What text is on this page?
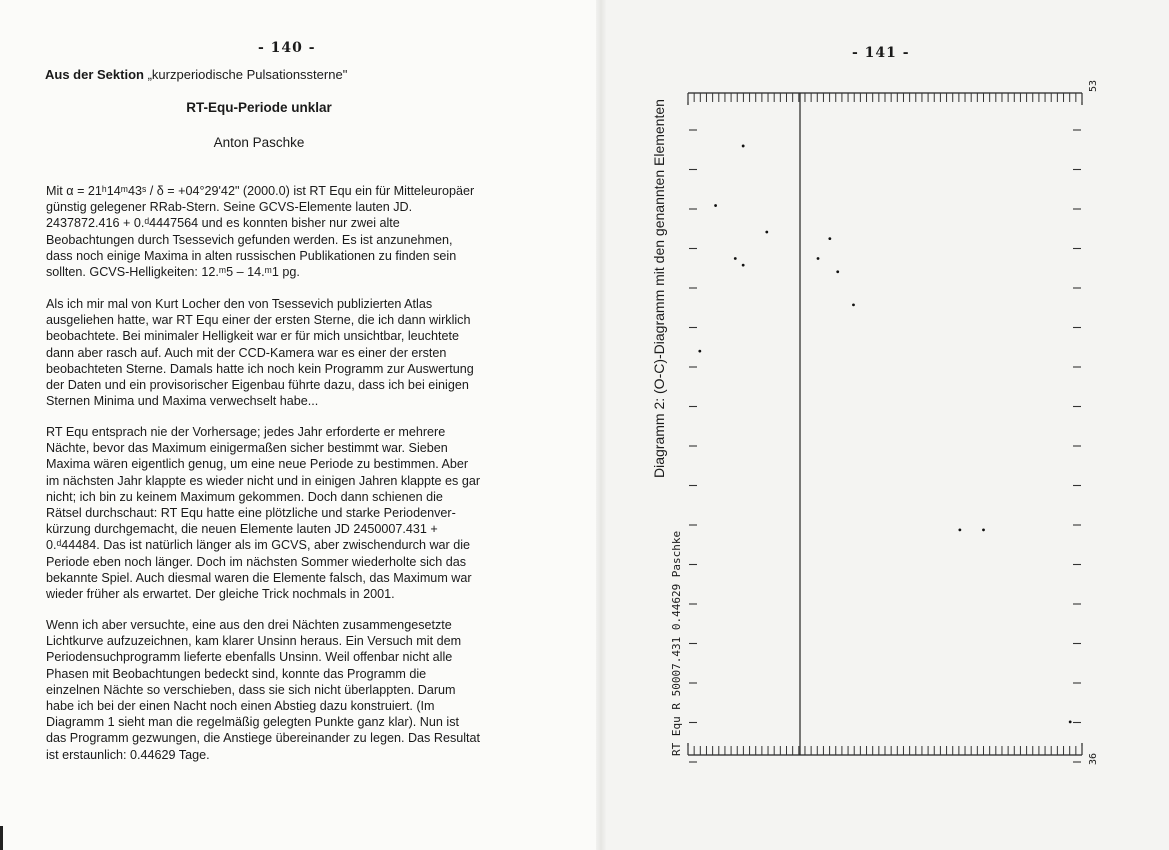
- 140 -
Aus der Sektion „kurzperiodische Pulsationssterne"
RT-Equ-Periode unklar
Anton Paschke
Mit α = 21ʰ14ᵐ43ˢ / δ = +04°29'42" (2000.0) ist RT Equ ein für Mitteleuropäer
günstig gelegener RRab-Stern. Seine GCVS-Elemente lauten JD.
2437872.416 + 0.ᵈ4447564 und es konnten bisher nur zwei alte
Beobachtungen durch Tsessevich gefunden werden. Es ist anzunehmen,
dass noch einige Maxima in alten russischen Publikationen zu finden sein
sollten. GCVS-Helligkeiten: 12.ᵐ5 – 14.ᵐ1 pg.
Als ich mir mal von Kurt Locher den von Tsessevich publizierten Atlas
ausgeliehen hatte, war RT Equ einer der ersten Sterne, die ich dann wirklich
beobachtete. Bei minimaler Helligkeit war er für mich unsichtbar, leuchtete
dann aber rasch auf. Auch mit der CCD-Kamera war es einer der ersten
beobachteten Sterne. Damals hatte ich noch kein Programm zur Auswertung
der Daten und ein provisorischer Eigenbau führte dazu, dass ich bei einigen
Sternen Minima und Maxima verwechselt habe...
RT Equ entsprach nie der Vorhersage; jedes Jahr erforderte er mehrere
Nächte, bevor das Maximum einigermaßen sicher bestimmt war. Sieben
Maxima wären eigentlich genug, um eine neue Periode zu bestimmen. Aber
im nächsten Jahr klappte es wieder nicht und in einigen Jahren klappte es gar
nicht; ich bin zu keinem Maximum gekommen. Doch dann schienen die
Rätsel durchschaut: RT Equ hatte eine plötzliche und starke Periodenver-
kürzung durchgemacht, die neuen Elemente lauten JD 2450007.431 +
0.ᵈ44484. Das ist natürlich länger als im GCVS, aber zwischendurch war die
Periode eben noch länger. Doch im nächsten Sommer wiederholte sich das
bekannte Spiel. Auch diesmal waren die Elemente falsch, das Maximum war
wieder früher als erwartet. Der gleiche Trick nochmals in 2001.
Wenn ich aber versuchte, eine aus den drei Nächten zusammengesetzte
Lichtkurve aufzuzeichnen, kam klarer Unsinn heraus. Ein Versuch mit dem
Periodensuchprogramm lieferte ebenfalls Unsinn. Weil offenbar nicht alle
Phasen mit Beobachtungen bedeckt sind, konnte das Programm die
einzelnen Nächte so verschieben, dass sie sich nicht überlappten. Darum
habe ich bei der einen Nacht noch einen Abstieg dazu konstruiert. (Im
Diagramm 1 sieht man die regelmäßig gelegten Punkte ganz klar). Nun ist
das Programm gezwungen, die Anstiege übereinander zu legen. Das Resultat
ist erstaunlich: 0.44629 Tage.
- 141 -
Diagramm 2: (O-C)-Diagramm mit den genannten Elementen
RT Equ R 50007.431 0.44629 Paschke
53
36
